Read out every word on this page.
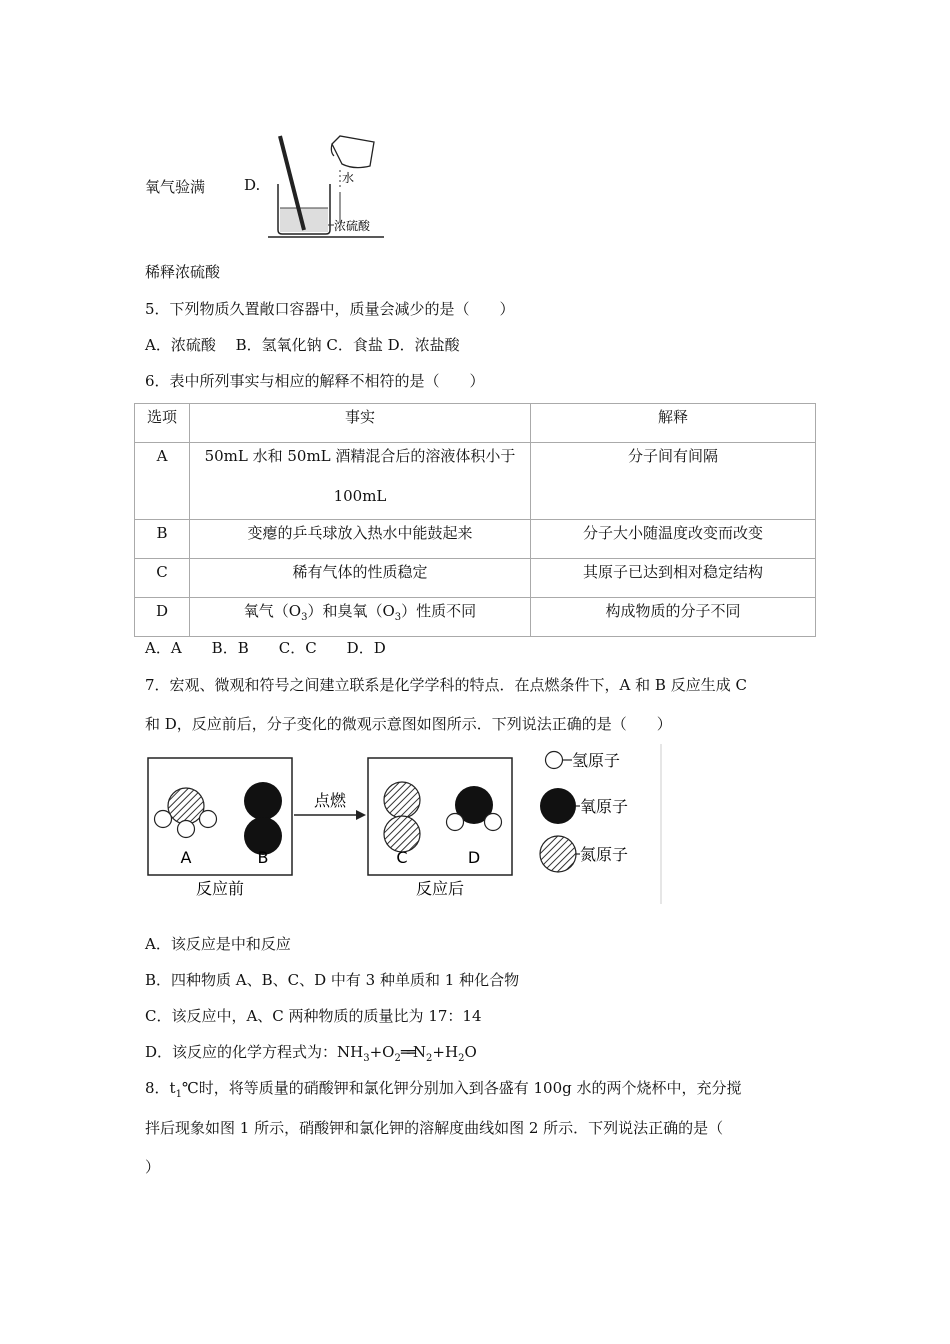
氧气验满	D.	水
浓硫酸
稀释浓硫酸
5．下列物质久置敞口容器中，质量会减少的是（　　）
A．浓硫酸　 B．氢氧化钠 C．食盐 D．浓盐酸
6．表中所列事实与相应的解释不相符的是（　　）
选项	事实	解释

A	50mL 水和 50mL 酒精混合后的溶液体积小于
100mL	分子间有间隔

B	变瘪的乒乓球放入热水中能鼓起来	分子大小随温度改变而改变

C	稀有气体的性质稳定	其原子已达到相对稳定结构

D	氧气$(O_3)$和臭氧$(O_3)$性质不同	构成物质的分子不同
A．A　　B．B　　C．C　　D．D
7．宏观、微观和符号之间建立联系是化学学科的特点．在点燃条件下，A 和 B 反应生成 C
和 D，反应前后，分子变化的微观示意图如图所示．下列说法正确的是（　　）
A	B
反应前
点燃
C	D
反应后
氢原子
氧原子
氮原子
A．该反应是中和反应
B．四种物质 A、B、C、D 中有 3 种单质和 1 种化合物
C．该反应中，A、C 两种物质的质量比为 17：14
D．该反应的化学方程式为：$NH_3+O_2══N_2+H_2O$
8．$t_1℃$时，将等质量的硝酸钾和氯化钾分别加入到各盛有 100g 水的两个烧杯中，充分搅
拌后现象如图 1 所示，硝酸钾和氯化钾的溶解度曲线如图 2 所示．下列说法正确的是（
）
